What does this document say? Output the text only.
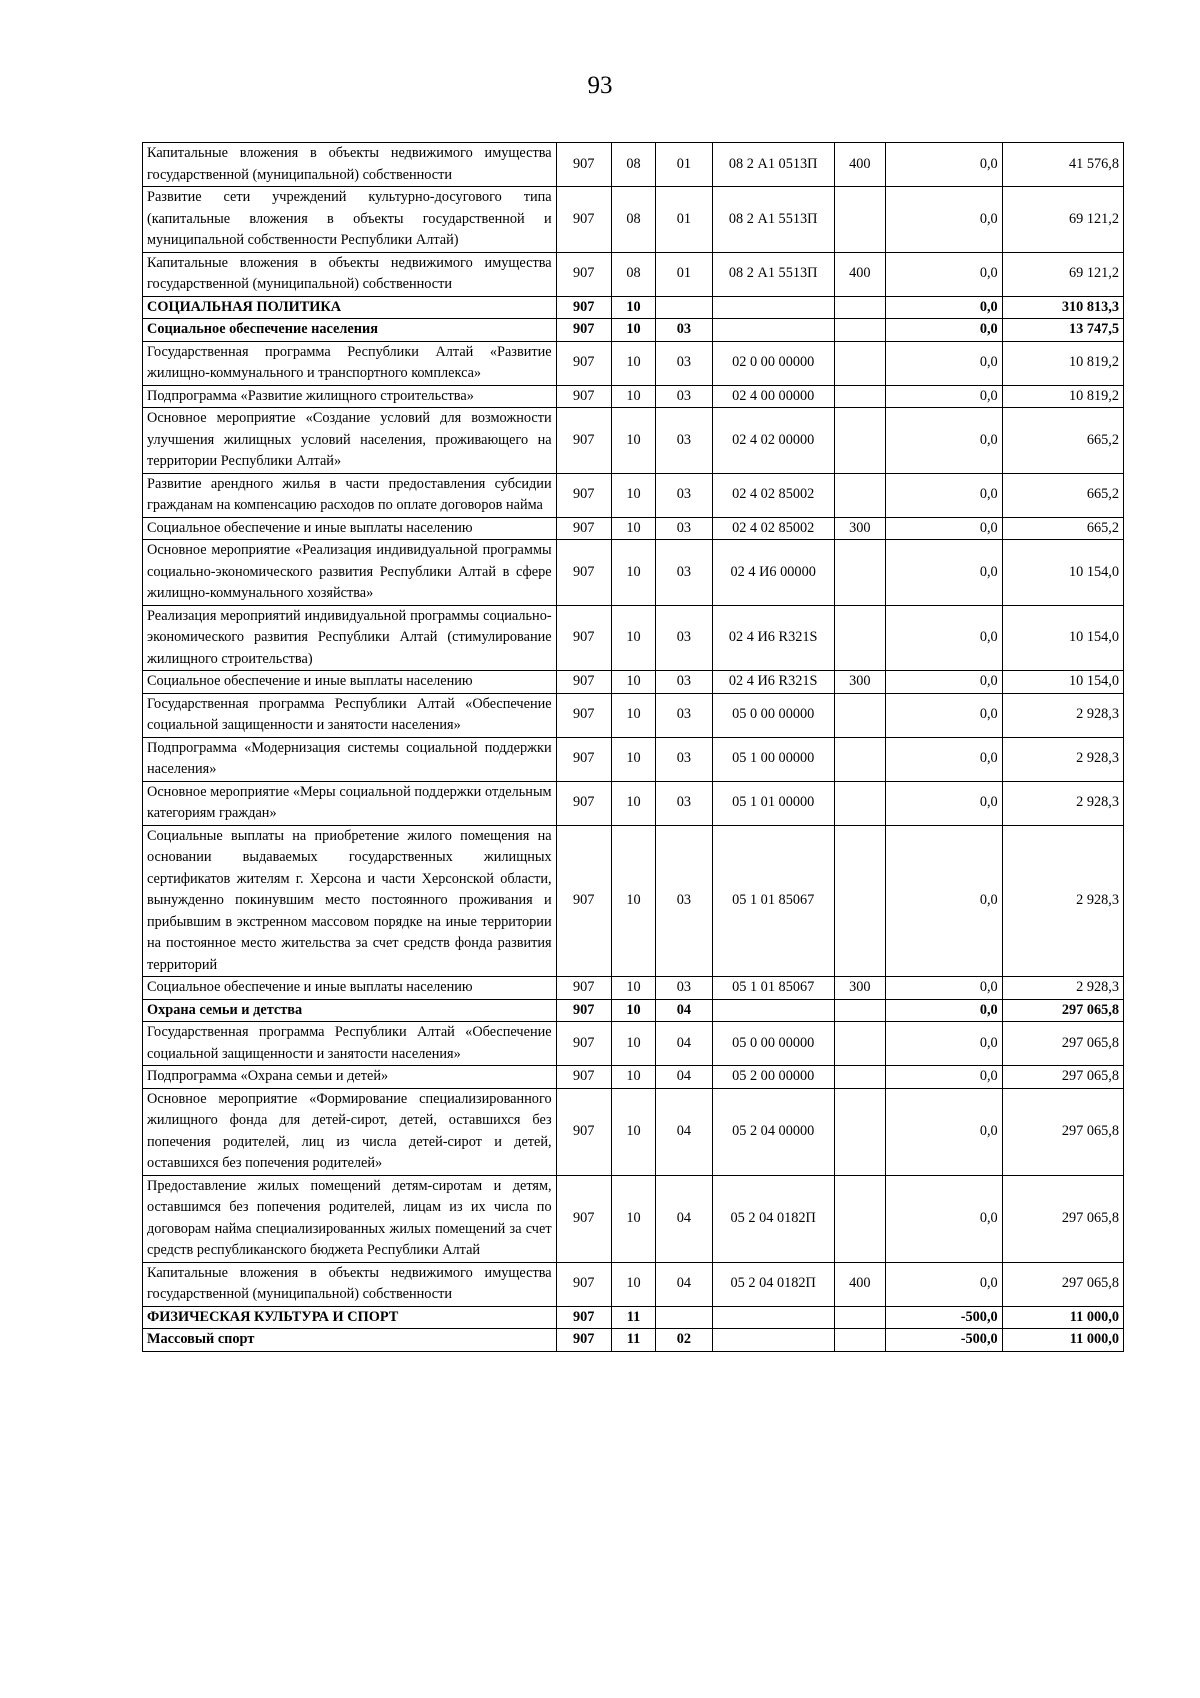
93
Капитальные вложения в объекты недвижимого имущества государственной (муниципальной) собственности	907	08	01	08 2 А1 0513П	400	0,0	41 576,8
Развитие сети учреждений культурно-досугового типа (капитальные вложения в объекты государственной и муниципальной собственности Республики Алтай)	907	08	01	08 2 А1 5513П		0,0	69 121,2
Капитальные вложения в объекты недвижимого имущества государственной (муниципальной) собственности	907	08	01	08 2 А1 5513П	400	0,0	69 121,2
СОЦИАЛЬНАЯ ПОЛИТИКА	907	10				0,0	310 813,3
Социальное обеспечение населения	907	10	03			0,0	13 747,5
Государственная программа Республики Алтай «Развитие жилищно-коммунального и транспортного комплекса»	907	10	03	02 0 00 00000		0,0	10 819,2
Подпрограмма «Развитие жилищного строительства»	907	10	03	02 4 00 00000		0,0	10 819,2
Основное мероприятие «Создание условий для возможности улучшения жилищных условий населения, проживающего на территории Республики Алтай»	907	10	03	02 4 02 00000		0,0	665,2
Развитие арендного жилья в части предоставления субсидии гражданам на компенсацию расходов по оплате договоров найма	907	10	03	02 4 02 85002		0,0	665,2
Социальное обеспечение и иные выплаты населению	907	10	03	02 4 02 85002	300	0,0	665,2
Основное мероприятие «Реализация индивидуальной программы социально-экономического развития Республики Алтай в сфере жилищно-коммунального хозяйства»	907	10	03	02 4 И6 00000		0,0	10 154,0
Реализация мероприятий индивидуальной программы социально-экономического развития Республики Алтай (стимулирование жилищного строительства)	907	10	03	02 4 И6 R321S		0,0	10 154,0
Социальное обеспечение и иные выплаты населению	907	10	03	02 4 И6 R321S	300	0,0	10 154,0
Государственная программа Республики Алтай «Обеспечение социальной защищенности и занятости населения»	907	10	03	05 0 00 00000		0,0	2 928,3
Подпрограмма «Модернизация системы социальной поддержки населения»	907	10	03	05 1 00 00000		0,0	2 928,3
Основное мероприятие «Меры социальной поддержки отдельным категориям граждан»	907	10	03	05 1 01 00000		0,0	2 928,3
Социальные выплаты на приобретение жилого помещения на основании выдаваемых государственных жилищных сертификатов жителям г. Херсона и части Херсонской области, вынужденно покинувшим место постоянного проживания и прибывшим в экстренном массовом порядке на иные территории на постоянное место жительства за счет средств фонда развития территорий	907	10	03	05 1 01 85067		0,0	2 928,3
Социальное обеспечение и иные выплаты населению	907	10	03	05 1 01 85067	300	0,0	2 928,3
Охрана семьи и детства	907	10	04			0,0	297 065,8
Государственная программа Республики Алтай «Обеспечение социальной защищенности и занятости населения»	907	10	04	05 0 00 00000		0,0	297 065,8
Подпрограмма «Охрана семьи и детей»	907	10	04	05 2 00 00000		0,0	297 065,8
Основное мероприятие «Формирование специализированного жилищного фонда для детей-сирот, детей, оставшихся без попечения родителей, лиц из числа детей-сирот и детей, оставшихся без попечения родителей»	907	10	04	05 2 04 00000		0,0	297 065,8
Предоставление жилых помещений детям-сиротам и детям, оставшимся без попечения родителей, лицам из их числа по договорам найма специализированных жилых помещений за счет средств республиканского бюджета Республики Алтай	907	10	04	05 2 04 0182П		0,0	297 065,8
Капитальные вложения в объекты недвижимого имущества государственной (муниципальной) собственности	907	10	04	05 2 04 0182П	400	0,0	297 065,8
ФИЗИЧЕСКАЯ КУЛЬТУРА И СПОРТ	907	11				-500,0	11 000,0
Массовый спорт	907	11	02			-500,0	11 000,0
